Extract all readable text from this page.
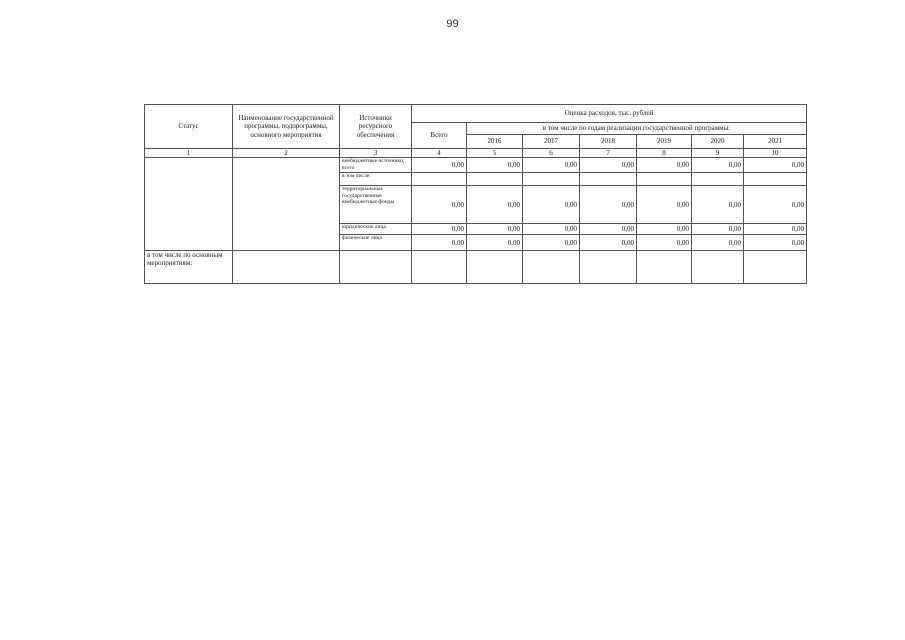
99
Статус	Наименование государственной программы, подпрограммы, основного мероприятия	Источники ресурсного обеспечения	Оценка расходов, тыс. рублей						
			Всего	в том числе по годам реализации государственной программы:					
				2016	2017	2018	2019	2020	2021
1	2	3	4	5	6	7	8	9	10
		внебюджетные источники, всего	0,00	0,00	0,00	0,00	0,00	0,00	0,00
		в том числе:							
		территориальные государственные внебюджетные фонды	0,00	0,00	0,00	0,00	0,00	0,00	0,00
		юридические лица	0,00	0,00	0,00	0,00	0,00	0,00	0,00
		физические лица	0,00	0,00	0,00	0,00	0,00	0,00	0,00
в том числе по основным мероприятиям:									
